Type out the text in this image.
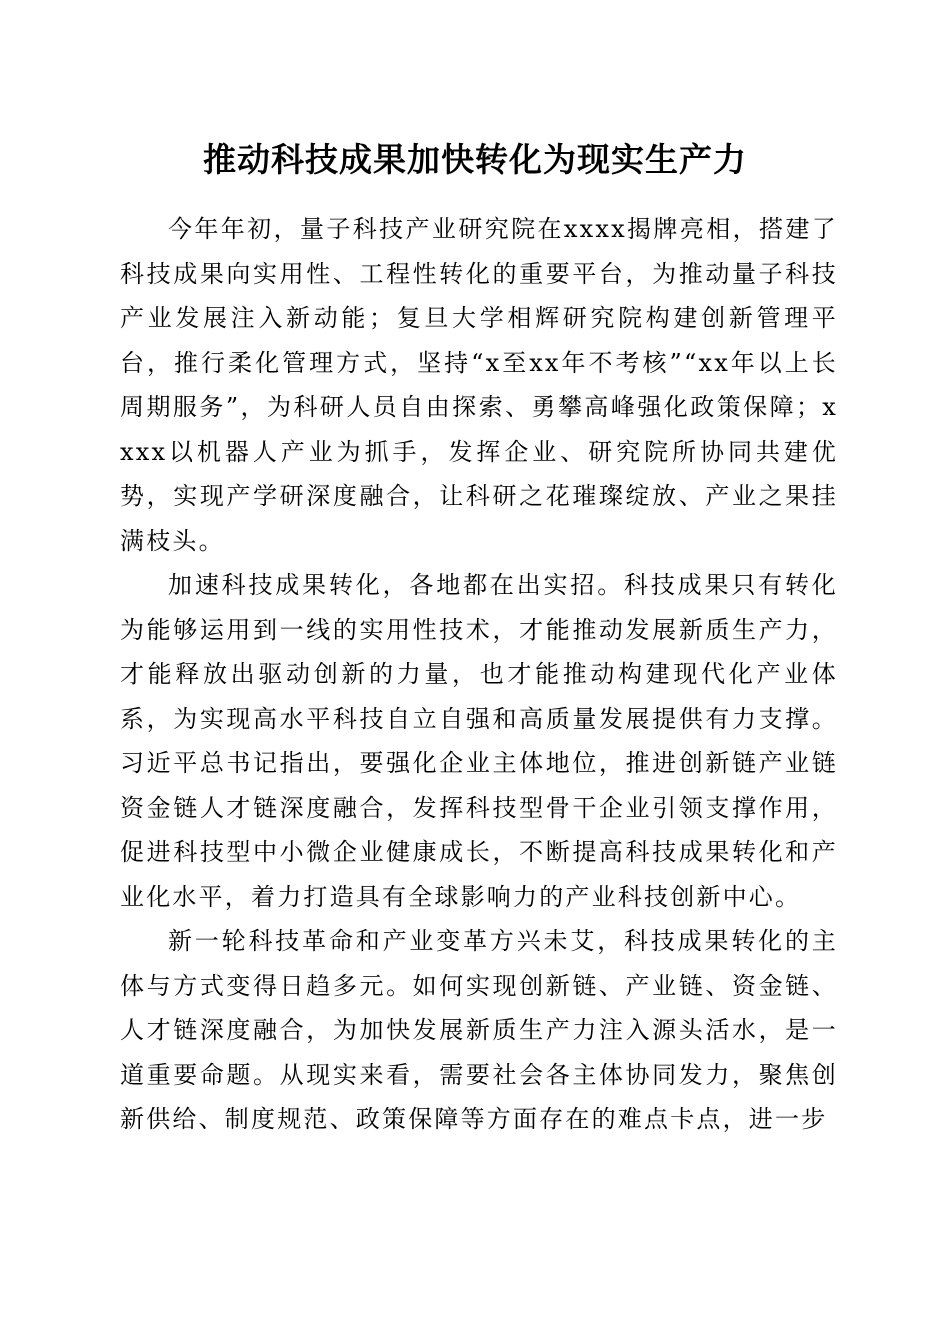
推动科技成果加快转化为现实生产力

今年年初，量子科技产业研究院在xxxx揭牌亮相，搭建了科技成果向实用性、工程性转化的重要平台，为推动量子科技产业发展注入新动能；复旦大学相辉研究院构建创新管理平台，推行柔化管理方式，坚持“x至xx年不考核”“xx年以上长周期服务”，为科研人员自由探索、勇攀高峰强化政策保障；xxxx以机器人产业为抓手，发挥企业、研究院所协同共建优势，实现产学研深度融合，让科研之花璀璨绽放、产业之果挂满枝头。

加速科技成果转化，各地都在出实招。科技成果只有转化为能够运用到一线的实用性技术，才能推动发展新质生产力，才能释放出驱动创新的力量，也才能推动构建现代化产业体系，为实现高水平科技自立自强和高质量发展提供有力支撑。习近平总书记指出，要强化企业主体地位，推进创新链产业链资金链人才链深度融合，发挥科技型骨干企业引领支撑作用，促进科技型中小微企业健康成长，不断提高科技成果转化和产业化水平，着力打造具有全球影响力的产业科技创新中心。

新一轮科技革命和产业变革方兴未艾，科技成果转化的主体与方式变得日趋多元。如何实现创新链、产业链、资金链、人才链深度融合，为加快发展新质生产力注入源头活水，是一道重要命题。从现实来看，需要社会各主体协同发力，聚焦创新供给、制度规范、政策保障等方面存在的难点卡点，进一步
